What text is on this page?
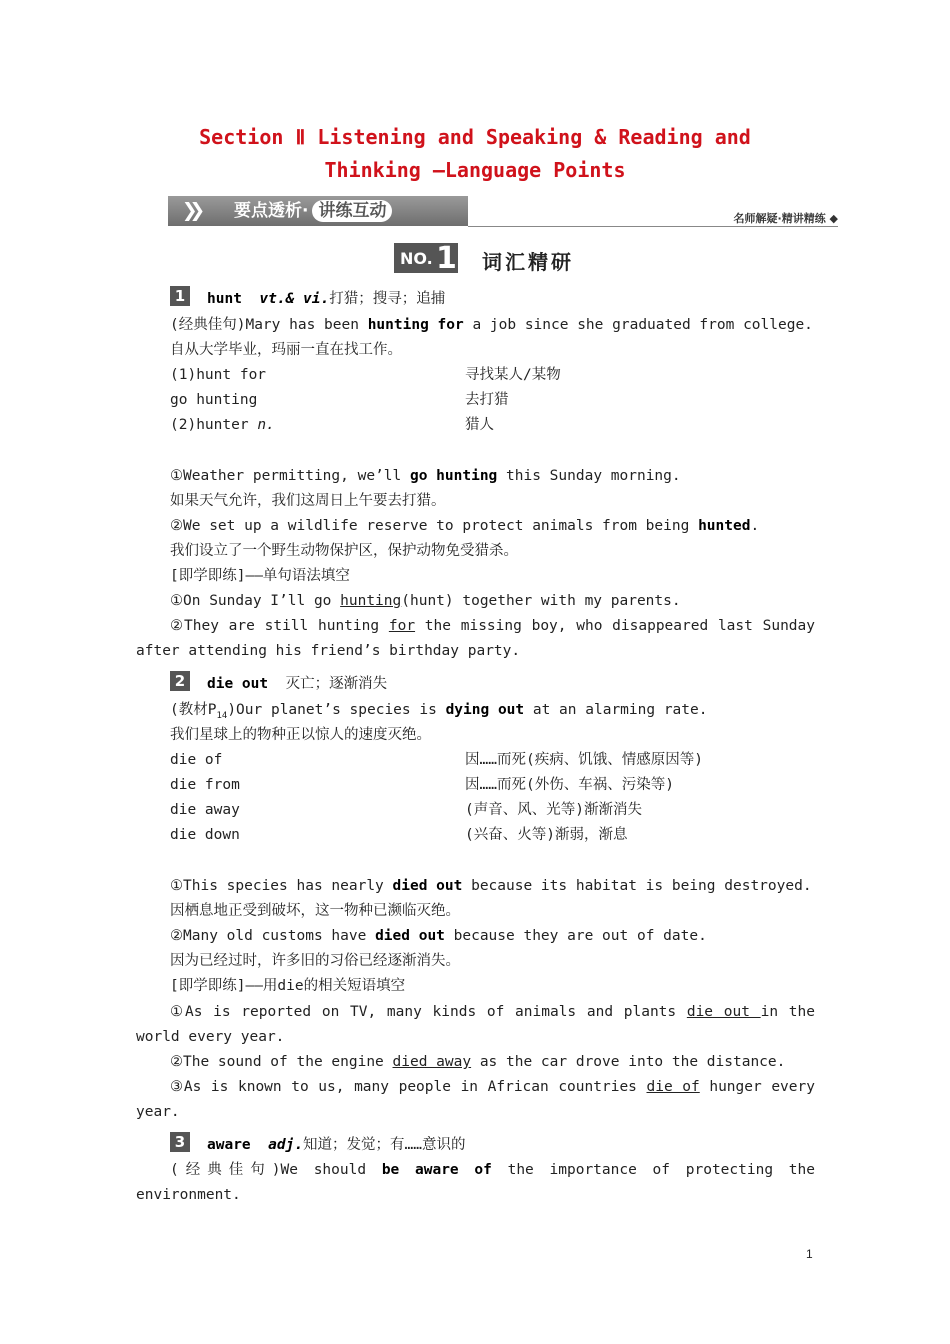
Section Ⅱ Listening and Speaking & Reading and
Thinking —Language Points
❯❯ 要点透析· 讲练互动	名师解疑·精讲精练 ◆
NO. 1 词汇精研
1	hunt vt.& vi.打猎；搜寻；追捕
(经典佳句)Mary has been hunting for a job since she graduated from college.
自从大学毕业，玛丽一直在找工作。
(1)hunt for	寻找某人/某物
go hunting	去打猎
(2)hunter n.	猎人
①Weather permitting, we’ll go hunting this Sunday morning.
如果天气允许，我们这周日上午要去打猎。
②We set up a wildlife reserve to protect animals from being hunted.
我们设立了一个野生动物保护区，保护动物免受猎杀。
[即学即练]——单句语法填空
①On Sunday I’ll go hunting(hunt) together with my parents.
②They are still hunting for the missing boy, who disappeared last Sunday
after attending his friend’s birthday party.
2	die out 灭亡；逐渐消失
(教材$P_{14})Our$ planet’s species is dying out at an alarming rate.
我们星球上的物种正以惊人的速度灭绝。
die of	因……而死(疾病、饥饿、情感原因等)
die from	因……而死(外伤、车祸、污染等)
die away	(声音、风、光等)渐渐消失
die down	(兴奋、火等)渐弱，渐息
①This species has nearly died out because its habitat is being destroyed.
因栖息地正受到破坏，这一物种已濒临灭绝。
②Many old customs have died out because they are out of date.
因为已经过时，许多旧的习俗已经逐渐消失。
[即学即练]——用die的相关短语填空
①As is reported on TV, many kinds of animals and plants die out in the
world every year.
②The sound of the engine died away as the car drove into the distance.
③As is known to us, many people in African countries die of hunger every
year.
3	aware adj.知道；发觉；有……意识的
(经典佳句)We should be aware of the importance of protecting the
environment.
1
